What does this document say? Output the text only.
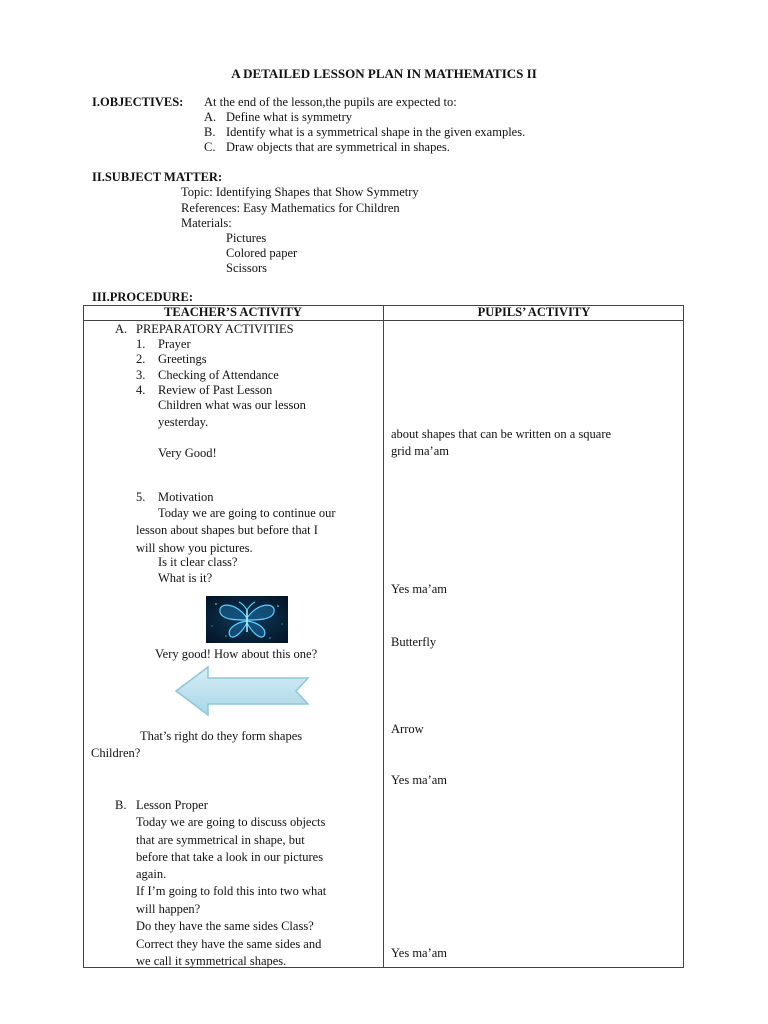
A DETAILED LESSON PLAN IN MATHEMATICS II
I.OBJECTIVES: At the end of the lesson,the pupils are expected to:
A. Define what is symmetry
B. Identify what is a symmetrical shape in the given examples.
C. Draw objects that are symmetrical in shapes.
II.SUBJECT MATTER:
Topic: Identifying Shapes that Show Symmetry
References: Easy Mathematics for Children
Materials:
Pictures
Colored paper
Scissors
III.PROCEDURE:
TEACHER’S ACTIVITY	PUPILS’ ACTIVITY
A. PREPARATORY ACTIVITIES
1. Prayer
2. Greetings
3. Checking of Attendance
4. Review of Past Lesson
Children what was our lesson
yesterday.
Very Good!
5. Motivation
Today we are going to continue our
lesson about shapes but before that I
will show you pictures.
Is it clear class?
What is it?
Very good! How about this one?
That’s right do they form shapes
Children?
B. Lesson Proper
Today we are going to discuss objects
that are symmetrical in shape, but
before that take a look in our pictures
again.
If I’m going to fold this into two what
will happen?
Do they have the same sides Class?
Correct they have the same sides and
we call it symmetrical shapes.
about shapes that can be written on a square
grid ma’am
Yes ma’am
Butterfly
Arrow
Yes ma’am
Yes ma’am
